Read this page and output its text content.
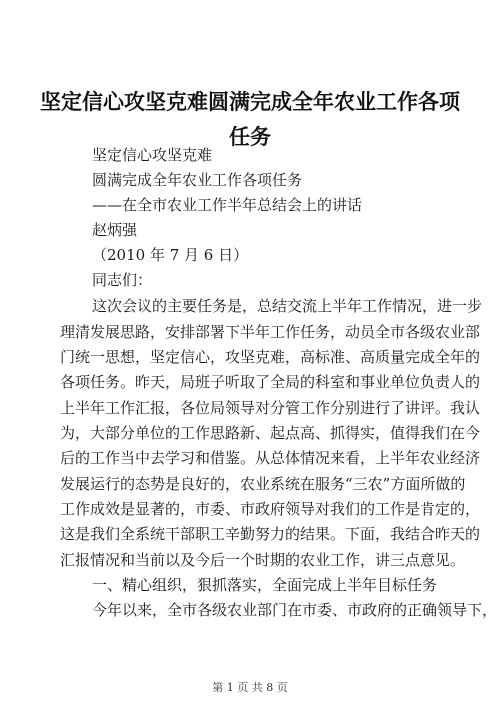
坚定信心攻坚克难圆满完成全年农业工作各项
任务
坚定信心攻坚克难
圆满完成全年农业工作各项任务
——在全市农业工作半年总结会上的讲话
赵炳强
（2010 年 7 月 6 日）
同志们：
这次会议的主要任务是，总结交流上半年工作情况，进一步
理清发展思路，安排部署下半年工作任务，动员全市各级农业部
门统一思想，坚定信心，攻坚克难，高标准、高质量完成全年的
各项任务。昨天，局班子听取了全局的科室和事业单位负责人的
上半年工作汇报，各位局领导对分管工作分别进行了讲评。我认
为，大部分单位的工作思路新、起点高、抓得实，值得我们在今
后的工作当中去学习和借鉴。从总体情况来看，上半年农业经济
发展运行的态势是良好的，农业系统在服务“三农”方面所做的
工作成效是显著的，市委、市政府领导对我们的工作是肯定的，
这是我们全系统干部职工辛勤努力的结果。下面，我结合昨天的
汇报情况和当前以及今后一个时期的农业工作，讲三点意见。
一、精心组织，狠抓落实，全面完成上半年目标任务
今年以来，全市各级农业部门在市委、市政府的正确领导下，
第 1 页 共 8 页
